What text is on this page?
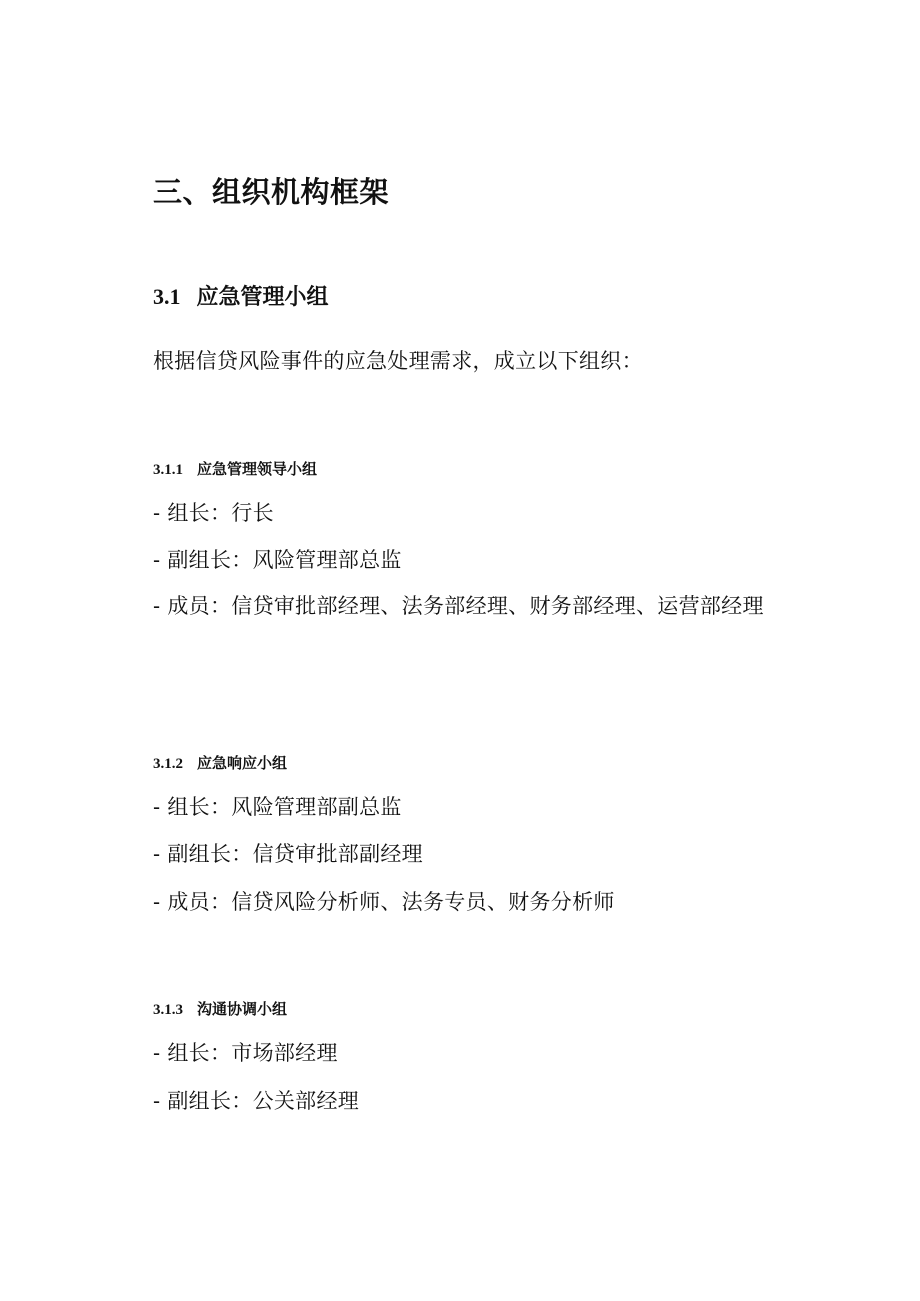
三、组织机构框架
3.1 应急管理小组
根据信贷风险事件的应急处理需求，成立以下组织：
3.1.1 应急管理领导小组
- 组长：行长
- 副组长：风险管理部总监
- 成员：信贷审批部经理、法务部经理、财务部经理、运营部经理
3.1.2 应急响应小组
- 组长：风险管理部副总监
- 副组长：信贷审批部副经理
- 成员：信贷风险分析师、法务专员、财务分析师
3.1.3 沟通协调小组
- 组长：市场部经理
- 副组长：公关部经理
